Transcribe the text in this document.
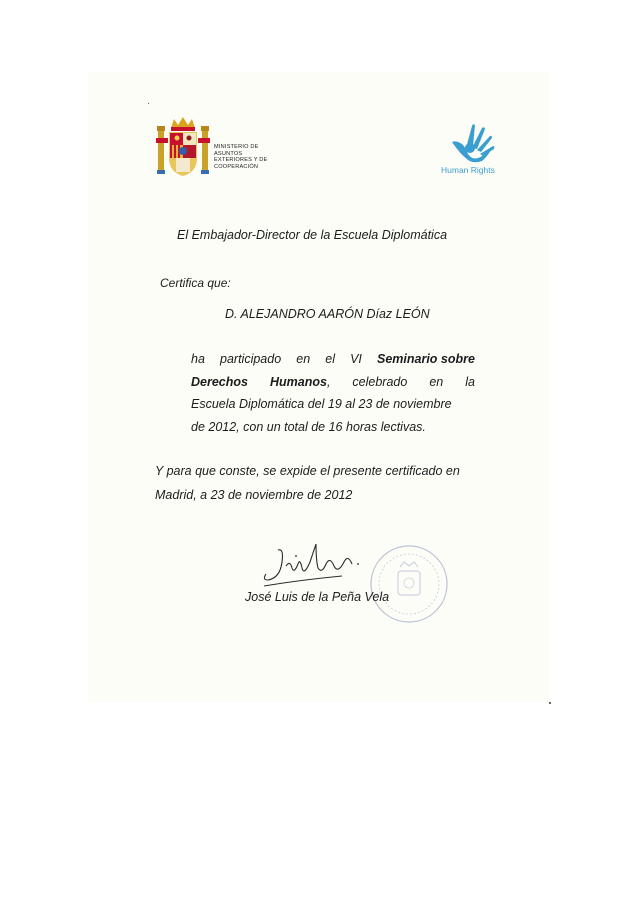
MINISTERIO DE
ASUNTOS
EXTERIORES Y DE
COOPERACIÓN	Human Rights
El Embajador-Director de la Escuela Diplomática
Certifica que:
D. ALEJANDRO AARÓN Díaz LEÓN
ha participado en el VI Seminario sobre
Derechos Humanos, celebrado en la
Escuela Diplomática del 19 al 23 de noviembre
de 2012, con un total de 16 horas lectivas.
Y para que conste, se expide el presente certificado en
Madrid, a 23 de noviembre de 2012
José Luis de la Peña Vela
